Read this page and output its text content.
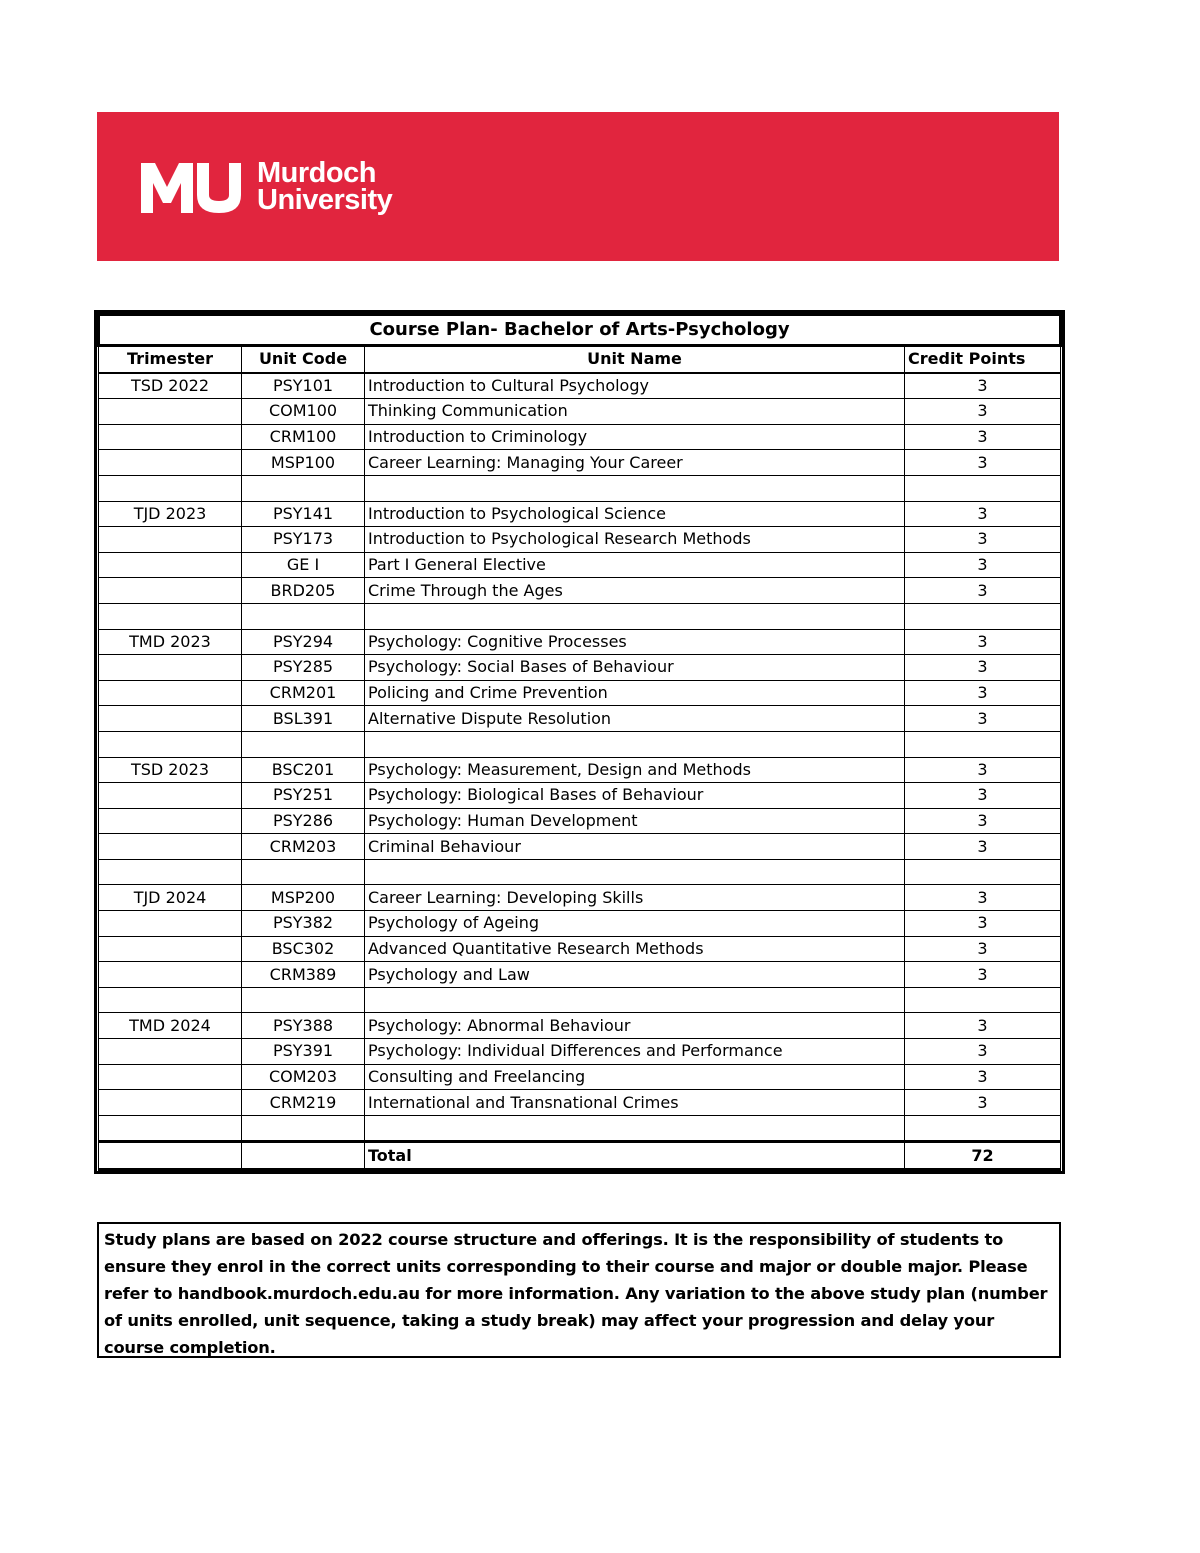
Murdoch
University
Course Plan- Bachelor of Arts-Psychology			
Trimester	Unit Code	Unit Name	Credit Points
TSD 2022	PSY101	Introduction to Cultural Psychology	3
	COM100	Thinking Communication	3
	CRM100	Introduction to Criminology	3
	MSP100	Career Learning: Managing Your Career	3

TJD 2023	PSY141	Introduction to Psychological Science	3
	PSY173	Introduction to Psychological Research Methods	3
	GE I	Part I General Elective	3
	BRD205	Crime Through the Ages	3

TMD 2023	PSY294	Psychology: Cognitive Processes	3
	PSY285	Psychology: Social Bases of Behaviour	3
	CRM201	Policing and Crime Prevention	3
	BSL391	Alternative Dispute Resolution	3

TSD 2023	BSC201	Psychology: Measurement, Design and Methods	3
	PSY251	Psychology: Biological Bases of Behaviour	3
	PSY286	Psychology: Human Development	3
	CRM203	Criminal Behaviour	3

TJD 2024	MSP200	Career Learning: Developing Skills	3
	PSY382	Psychology of Ageing	3
	BSC302	Advanced Quantitative Research Methods	3
	CRM389	Psychology and Law	3

TMD 2024	PSY388	Psychology: Abnormal Behaviour	3
	PSY391	Psychology: Individual Differences and Performance	3
	COM203	Consulting and Freelancing	3
	CRM219	International and Transnational Crimes	3

		Total	72
Study plans are based on 2022 course structure and offerings. It is the responsibility of students to ensure they enrol in the correct units corresponding to their course and major or double major. Please refer to handbook.murdoch.edu.au for more information. Any variation to the above study plan (number of units enrolled, unit sequence, taking a study break) may affect your progression and delay your course completion.
